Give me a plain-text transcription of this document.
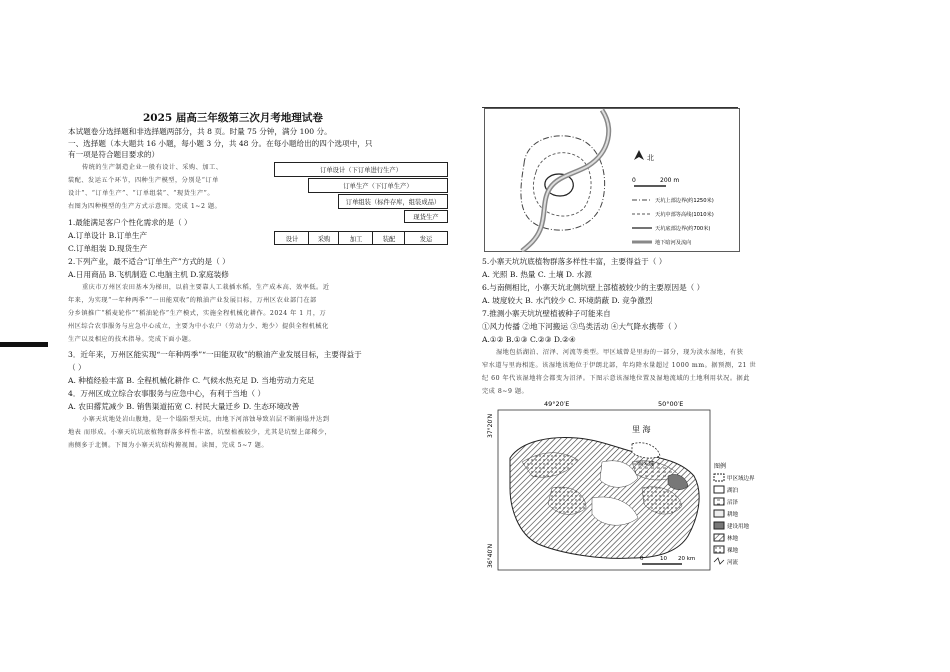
2025 届高三年级第三次月考地理试卷
本试题卷分选择题和非选择题两部分，共 8 页。时量 75 分钟，满分 100 分。
一、选择题（本大题共 16 小题，每小题 3 分，共 48 分。在每小题给出的四个选项中，只
有一项是符合题目要求的）
传统的生产制造企业一般有设计、采购、加工、
装配、发运五个环节，四种生产模型，分别是“订单
设计”、“订单生产”、“订单组装”、“现货生产”。
右图为四种模型的生产方式示意图。完成 1~2 题。
订单设计（下订单进行生产）
订单生产（下订单生产）
订单组装（标件存库，组装成品）
现货生产
设计	采购	加工	装配	发运
1.最能满足客户个性化需求的是（ ）
A.订单设计 B.订单生产
C.订单组装 D.现货生产
2.下列产业，最不适合“订单生产”方式的是（ ）
A.日用商品 B.飞机制造 C.电脑主机 D.家庭装修
重庆市万州区农田基本为梯田，以前主要靠人工栽插水稻，生产成本高、效率低。近
年来，为实现“一年种两季”“一田能双收”的粮油产业发展目标，万州区农业部门在部
分乡镇推广“稻麦轮作”“稻油轮作”生产模式，实施全程机械化耕作。2024 年 1 月，万
州区综合农事服务与应急中心成立，主要为中小农户（劳动力少、地少）提供全程机械化
生产以及相应的技术指导。完成下面小题。
3．近年来，万州区能实现“一年种两季”“一田能双收”的粮油产业发展目标，主要得益于
（ ）
A. 种植经验丰富 B. 全程机械化耕作 C. 气候水热充足 D. 当地劳动力充足
4．万州区成立综合农事服务与应急中心，有利于当地（ ）
A. 农田撂荒减少 B. 销售渠道拓宽 C. 村民大量迁乡 D. 生态环境改善
小寨天坑地处岩山腹地，是一个塌陷型天坑，由地下河溶蚀导致岩层不断崩塌并达到
地表 而形成。小寨天坑坑底植物群落多样性丰富，坑壁植被较少，尤其是坑壁上部稀少，
南侧多于北侧。下图为小寨天坑结构俯视图。读图，完成 5~7 题。
北
0	200 m
天坑上部边界(约1250米)
天坑中部等高线(1010米)
天坑底部边界(约700米)
地下暗河及流向
5.小寨天坑坑底植物群落多样性丰富，主要得益于（ ）
A. 光照 B. 热量 C. 土壤 D. 水源
6.与南侧相比，小寨天坑北侧坑壁上部植被较少的主要原因是（ ）
A. 坡度较大 B. 水汽较少 C. 环境荫蔽 D. 竞争激烈
7.推测小寨天坑坑壁植被种子可能来自
①风力传播 ②地下河搬运 ③鸟类活动 ④大气降水携带（ ）
A.①② B.①③ C.②③ D.②④
湿地包括湖泊、沼泽、河流等类型。甲区域曾是里海的一部分，现为淡水湿地，有狭
窄水道与里海相连。该湿地该地位于伊朗北部，年均降水量超过 1000 mm。据预测，21 世
纪 60 年代该湿地将会都变为沼泽。下图示意该湿地位置及湿地流域的土地利用状况。据此
完成 8~9 题。
49°20′E	50°00′E
37°20′N
36°40′N
里 海
甲区域
0	10 20 km
图例
甲区域边界
湖泊
沼泽
耕地
建设用地
林地
裸地
河流
